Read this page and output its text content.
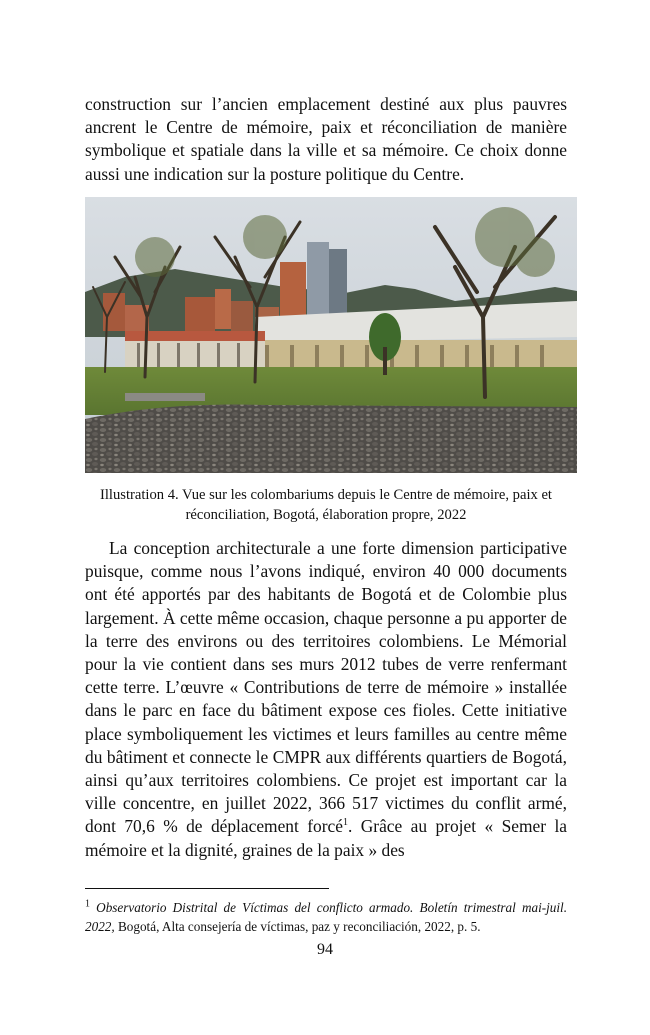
construction sur l’ancien emplacement destiné aux plus pauvres ancrent le Centre de mémoire, paix et réconciliation de manière symbolique et spatiale dans la ville et sa mémoire. Ce choix donne aussi une indication sur la posture politique du Centre.

Illustration 4. Vue sur les colombariums depuis le Centre de mémoire, paix et réconciliation, Bogotá, élaboration propre, 2022

La conception architecturale a une forte dimension participative puisque, comme nous l’avons indiqué, environ 40 000 documents ont été apportés par des habitants de Bogotá et de Colombie plus largement. À cette même occasion, chaque personne a pu apporter de la terre des environs ou des territoires colombiens. Le Mémorial pour la vie contient dans ses murs 2012 tubes de verre renfermant cette terre. L’œuvre « Contributions de terre de mémoire » installée dans le parc en face du bâtiment expose ces fioles. Cette initiative place symboliquement les victimes et leurs familles au centre même du bâtiment et connecte le CMPR aux différents quartiers de Bogotá, ainsi qu’aux territoires colombiens. Ce projet est important car la ville concentre, en juillet 2022, 366 517 victimes du conflit armé, dont 70,6 % de déplacement forcé$^1$. Grâce au projet « Semer la mémoire et la dignité, graines de la paix » des

$^1$ Observatorio Distrital de Víctimas del conflicto armado. Boletín trimestral mai-juil. 2022, Bogotá, Alta consejería de víctimas, paz y reconciliación, 2022, p. 5.

94
